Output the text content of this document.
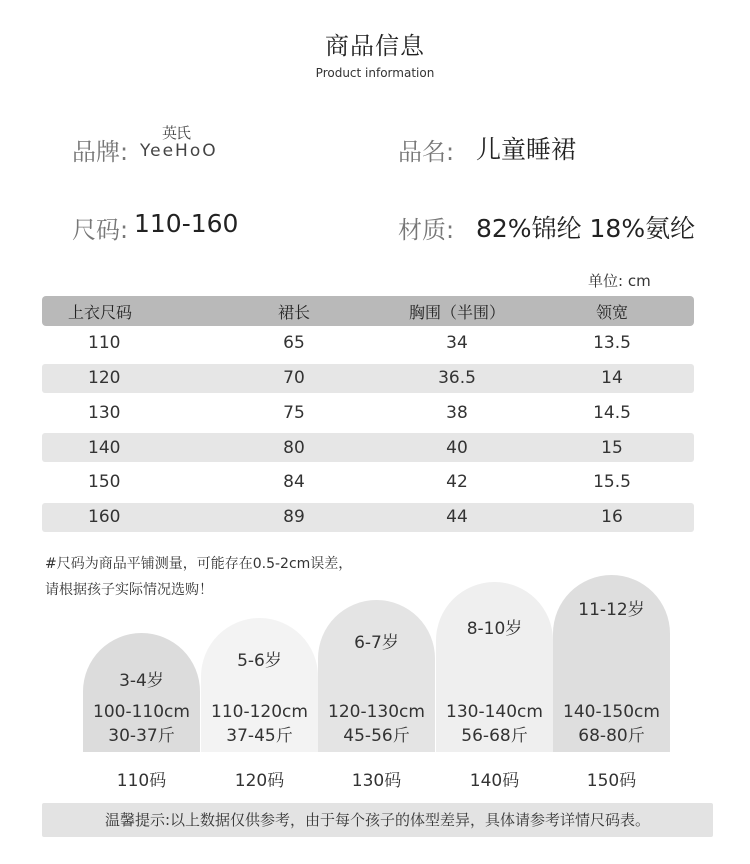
商品信息
Product information
品牌:
英氏
YeeHoO	品名: 儿童睡裙
尺码: 110-160	材质: 82%锦纶 18%氨纶
单位: cm
上衣尺码	裙长	胸围（半围）	领宽
110	65	34	13.5
120	70	36.5	14
130	75	38	14.5
140	80	40	15
150	84	42	15.5
160	89	44	16
#尺码为商品平铺测量，可能存在0.5-2cm误差，
请根据孩子实际情况选购！
3-4岁
100-110cm
30-37斤
5-6岁
110-120cm
37-45斤
6-7岁
120-130cm
45-56斤
8-10岁
130-140cm
56-68斤
11-12岁
140-150cm
68-80斤
110码	120码	130码	140码	150码
温馨提示:以上数据仅供参考，由于每个孩子的体型差异，具体请参考详情尺码表。
